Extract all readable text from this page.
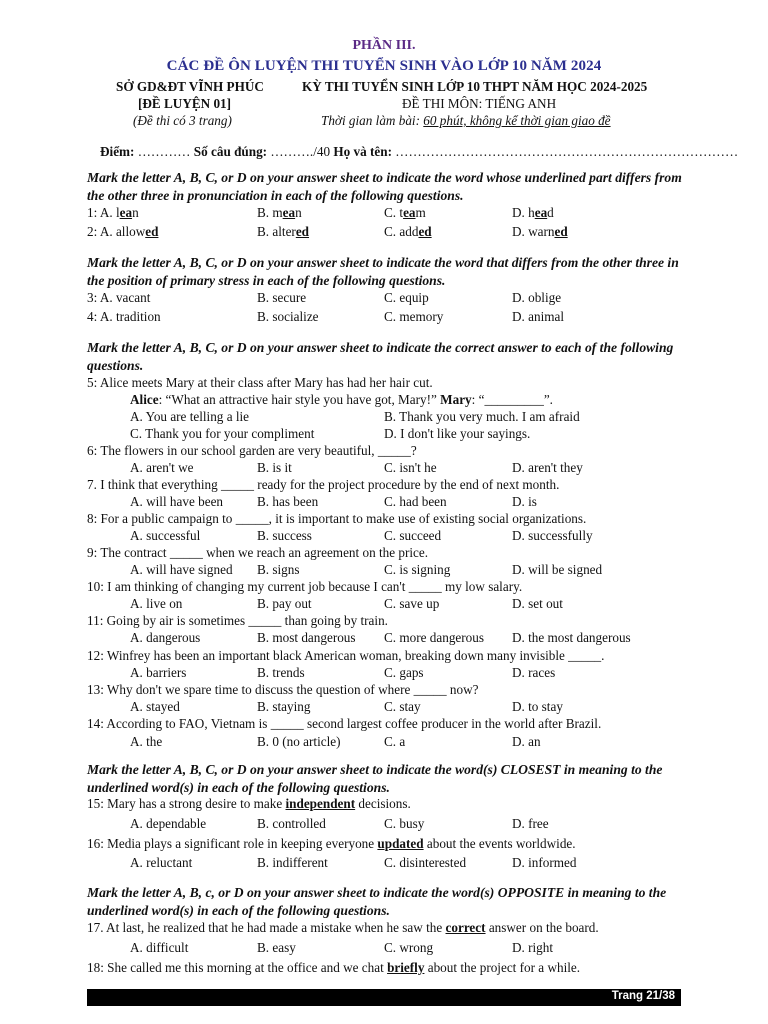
PHẦN III.
CÁC ĐỀ ÔN LUYỆN THI TUYỂN SINH VÀO LỚP 10 NĂM 2024
SỞ GD&ĐT VĨNH PHÚC	KỲ THI TUYỂN SINH LỚP 10 THPT NĂM HỌC 2024-2025
[ĐỀ LUYỆN 01]	ĐỀ THI MÔN: TIẾNG ANH
(Đề thi có 3 trang)	Thời gian làm bài: 60 phút, không kể thời gian giao đề
Điểm: ………… Số câu đúng: ………./40 Họ và tên: ……………………………………………………………………
Mark the letter A, B, C, or D on your answer sheet to indicate the word whose underlined part differs from the other three in pronunciation in each of the following questions.
1: A. lean	B. mean	C. team	D. head
2: A. allowed	B. altered	C. added	D. warned
Mark the letter A, B, C, or D on your answer sheet to indicate the word that differs from the other three in the position of primary stress in each of the following questions.
3: A. vacant	B. secure	C. equip	D. oblige
4: A. tradition	B. socialize	C. memory	D. animal
Mark the letter A, B, C, or D on your answer sheet to indicate the correct answer to each of the following questions.
5: Alice meets Mary at their class after Mary has had her hair cut.
Alice: “What an attractive hair style you have got, Mary!” Mary: “_________”.
A. You are telling a lie	B. Thank you very much. I am afraid
C. Thank you for your compliment	D. I don't like your sayings.
6: The flowers in our school garden are very beautiful, _____?
A. aren't we	B. is it	C. isn't he	D. aren't they
7. I think that everything _____ ready for the project procedure by the end of next month.
A. will have been	B. has been	C. had been	D. is
8: For a public campaign to _____, it is important to make use of existing social organizations.
A. successful	B. success	C. succeed	D. successfully
9: The contract _____ when we reach an agreement on the price.
A. will have signed B. signs	C. is signing	D. will be signed
10: I am thinking of changing my current job because I can't _____ my low salary.
A. live on	B. pay out	C. save up	D. set out
11: Going by air is sometimes _____ than going by train.
A. dangerous	B. most dangerous C. more dangerous D. the most dangerous
12: Winfrey has been an important black American woman, breaking down many invisible _____.
A. barriers	B. trends	C. gaps	D. races
13: Why don't we spare time to discuss the question of where _____ now?
A. stayed	B. staying	C. stay	D. to stay
14: According to FAO, Vietnam is _____ second largest coffee producer in the world after Brazil.
A. the	B. 0 (no article)	C. a	D. an
Mark the letter A, B, C, or D on your answer sheet to indicate the word(s) CLOSEST in meaning to the underlined word(s) in each of the following questions.
15: Mary has a strong desire to make independent decisions.
A. dependable	B. controlled	C. busy	D. free
16: Media plays a significant role in keeping everyone updated about the events worldwide.
A. reluctant	B. indifferent	C. disinterested	D. informed
Mark the letter A, B, c, or D on your answer sheet to indicate the word(s) OPPOSITE in meaning to the underlined word(s) in each of the following questions.
17. At last, he realized that he had made a mistake when he saw the correct answer on the board.
A. difficult	B. easy	C. wrong	D. right
18: She called me this morning at the office and we chat briefly about the project for a while.
Trang 21/38
